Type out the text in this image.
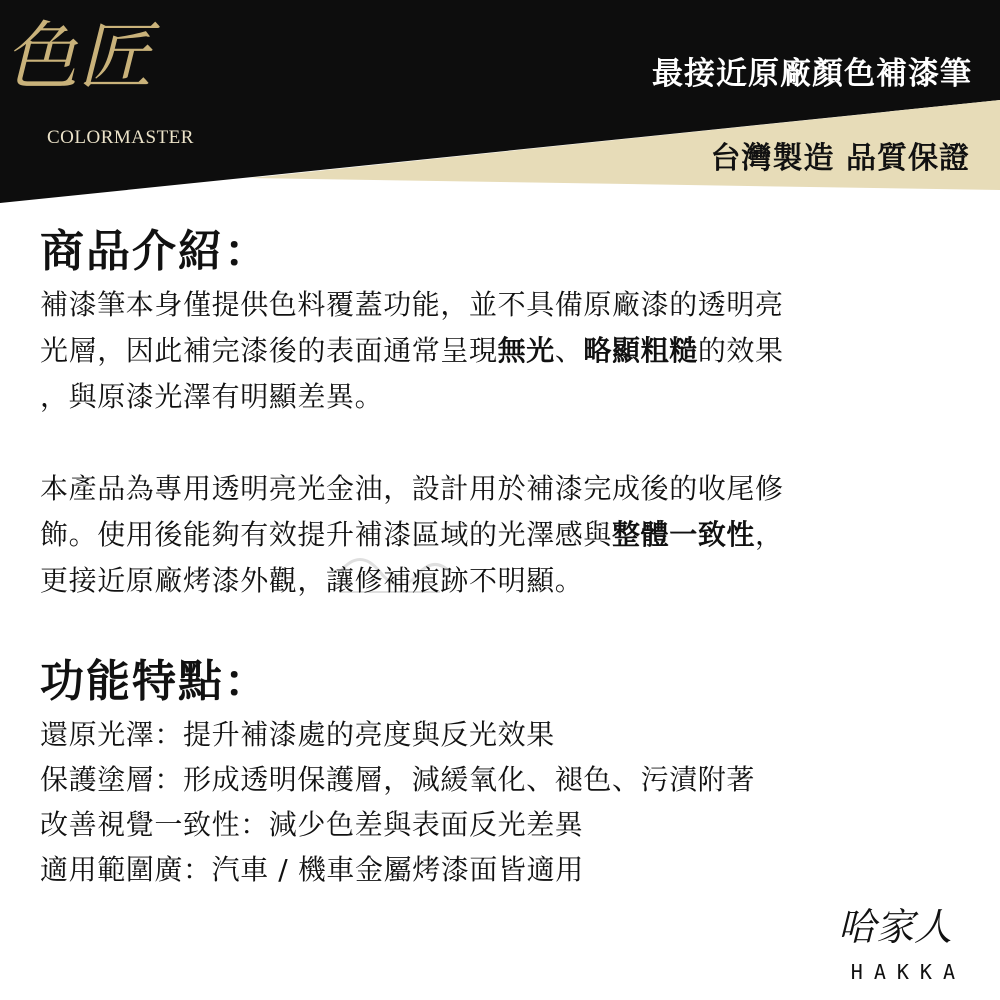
色匠
COLORMASTER
最接近原廠顏色補漆筆
台灣製造 品質保證
商品介紹：

補漆筆本身僅提供色料覆蓋功能，並不具備原廠漆的透明亮

光層，因此補完漆後的表面通常呈現無光、略顯粗糙的效果

，與原漆光澤有明顯差異。

本產品為專用透明亮光金油，設計用於補漆完成後的收尾修

飾。使用後能夠有效提升補漆區域的光澤感與整體一致性，

更接近原廠烤漆外觀，讓修補痕跡不明顯。

功能特點：

還原光澤：提升補漆處的亮度與反光效果

保護塗層：形成透明保護層，減緩氧化、褪色、污漬附著

改善視覺一致性：減少色差與表面反光差異

適用範圍廣：汽車 / 機車金屬烤漆面皆適用

哈家人
HAKKA
